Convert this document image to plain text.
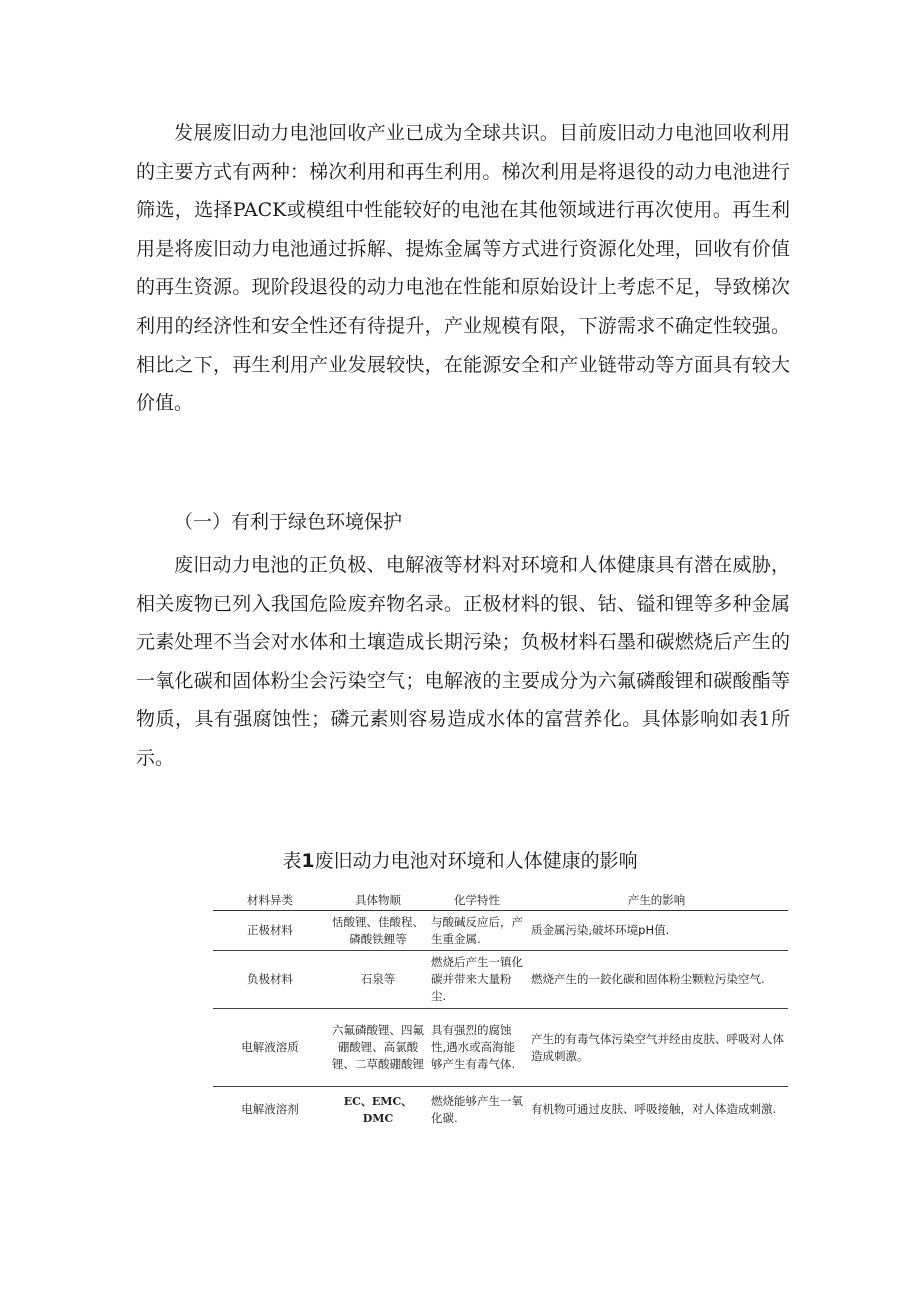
发展废旧动力电池回收产业已成为全球共识。目前废旧动力电池回收利用的主要方式有两种：梯次利用和再生利用。梯次利用是将退役的动力电池进行筛选，选择PACK或模组中性能较好的电池在其他领域进行再次使用。再生利用是将废旧动力电池通过拆解、提炼金属等方式进行资源化处理，回收有价值的再生资源。现阶段退役的动力电池在性能和原始设计上考虑不足，导致梯次利用的经济性和安全性还有待提升，产业规模有限，下游需求不确定性较强。相比之下，再生利用产业发展较快，在能源安全和产业链带动等方面具有较大价值。

（一）有利于绿色环境保护

废旧动力电池的正负极、电解液等材料对环境和人体健康具有潜在威胁，相关废物已列入我国危险废弃物名录。正极材料的银、钴、镒和锂等多种金属元素处理不当会对水体和土壤造成长期污染；负极材料石墨和碳燃烧后产生的一氧化碳和固体粉尘会污染空气；电解液的主要成分为六氟磷酸锂和碳酸酯等物质，具有强腐蚀性；磷元素则容易造成水体的富营养化。具体影响如表1所示。

表1废旧动力电池对环境和人体健康的影响

材料异类	具体物顺	化学特性	产生的影响
正极材料	恬酸锂、佳酸程、磷酸铁鲤等	与酸碱反应后，产生重金属.	质金属污染,破坏环境pH值.
负极材料	石泉等	燃烧后产生一镇化碳并带来大量粉尘.	燃烧产生的一鉸化碳和固体粉尘颗粒污染空气.
电解液溶质	六氟磷酸锂、四氟硼酸锂、高氯酸锂、二草酸硼酸锂	具有强烈的腐蚀性,遇水或高海能够产生有毒气体.	产生的有毒气体污染空气并经由皮肤、呼吸对人体造成刺激。
电解液溶剂	EC、EMC、DMC	燃烧能够产生一氧化碳.	有机物可通过皮肤、呼吸接触，对人体造成刺激.
